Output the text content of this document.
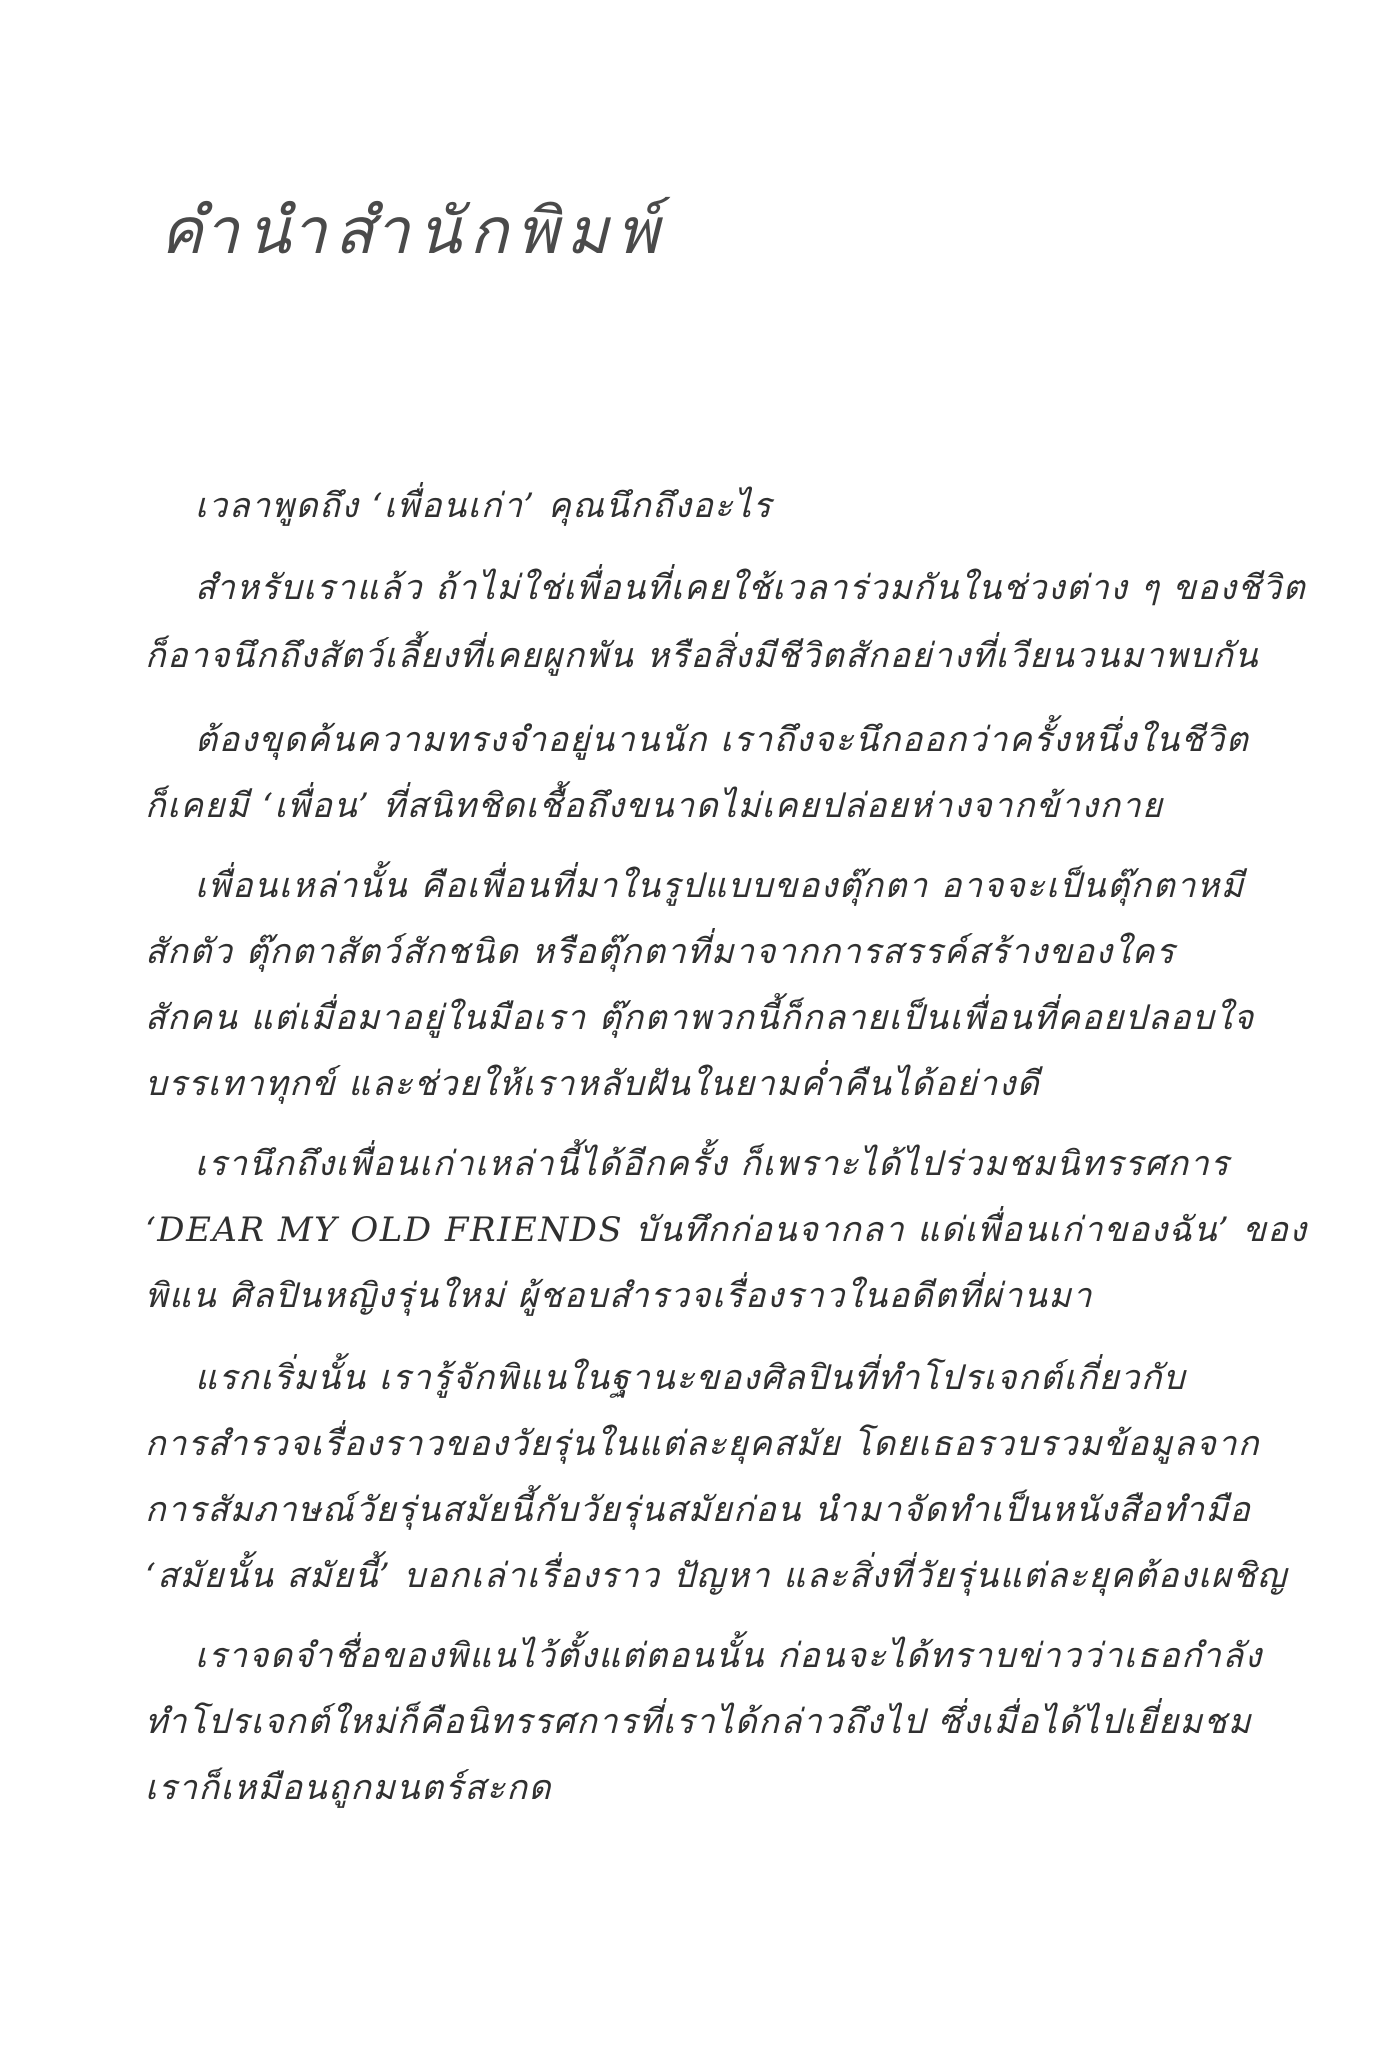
คำนำสำนักพิมพ์
เวลาพูดถึง ‘เพื่อนเก่า’ คุณนึกถึงอะไร
สำหรับเราแล้ว ถ้าไม่ใช่เพื่อนที่เคยใช้เวลาร่วมกันในช่วงต่าง ๆ ของชีวิต
ก็อาจนึกถึงสัตว์เลี้ยงที่เคยผูกพัน หรือสิ่งมีชีวิตสักอย่างที่เวียนวนมาพบกัน
ต้องขุดค้นความทรงจำอยู่นานนัก เราถึงจะนึกออกว่าครั้งหนึ่งในชีวิต
ก็เคยมี ‘เพื่อน’ ที่สนิทชิดเชื้อถึงขนาดไม่เคยปล่อยห่างจากข้างกาย
เพื่อนเหล่านั้น คือเพื่อนที่มาในรูปแบบของตุ๊กตา อาจจะเป็นตุ๊กตาหมี
สักตัว ตุ๊กตาสัตว์สักชนิด หรือตุ๊กตาที่มาจากการสรรค์สร้างของใคร
สักคน แต่เมื่อมาอยู่ในมือเรา ตุ๊กตาพวกนี้ก็กลายเป็นเพื่อนที่คอยปลอบใจ
บรรเทาทุกข์ และช่วยให้เราหลับฝันในยามค่ำคืนได้อย่างดี
เรานึกถึงเพื่อนเก่าเหล่านี้ได้อีกครั้ง ก็เพราะได้ไปร่วมชมนิทรรศการ
‘DEAR MY OLD FRIENDS บันทึกก่อนจากลา แด่เพื่อนเก่าของฉัน’ ของ
พิแน ศิลปินหญิงรุ่นใหม่ ผู้ชอบสำรวจเรื่องราวในอดีตที่ผ่านมา
แรกเริ่มนั้น เรารู้จักพิแนในฐานะของศิลปินที่ทำโปรเจกต์เกี่ยวกับ
การสำรวจเรื่องราวของวัยรุ่นในแต่ละยุคสมัย โดยเธอรวบรวมข้อมูลจาก
การสัมภาษณ์วัยรุ่นสมัยนี้กับวัยรุ่นสมัยก่อน นำมาจัดทำเป็นหนังสือทำมือ
‘สมัยนั้น สมัยนี้’ บอกเล่าเรื่องราว ปัญหา และสิ่งที่วัยรุ่นแต่ละยุคต้องเผชิญ
เราจดจำชื่อของพิแนไว้ตั้งแต่ตอนนั้น ก่อนจะได้ทราบข่าวว่าเธอกำลัง
ทำโปรเจกต์ใหม่ก็คือนิทรรศการที่เราได้กล่าวถึงไป ซึ่งเมื่อได้ไปเยี่ยมชม
เราก็เหมือนถูกมนตร์สะกด
